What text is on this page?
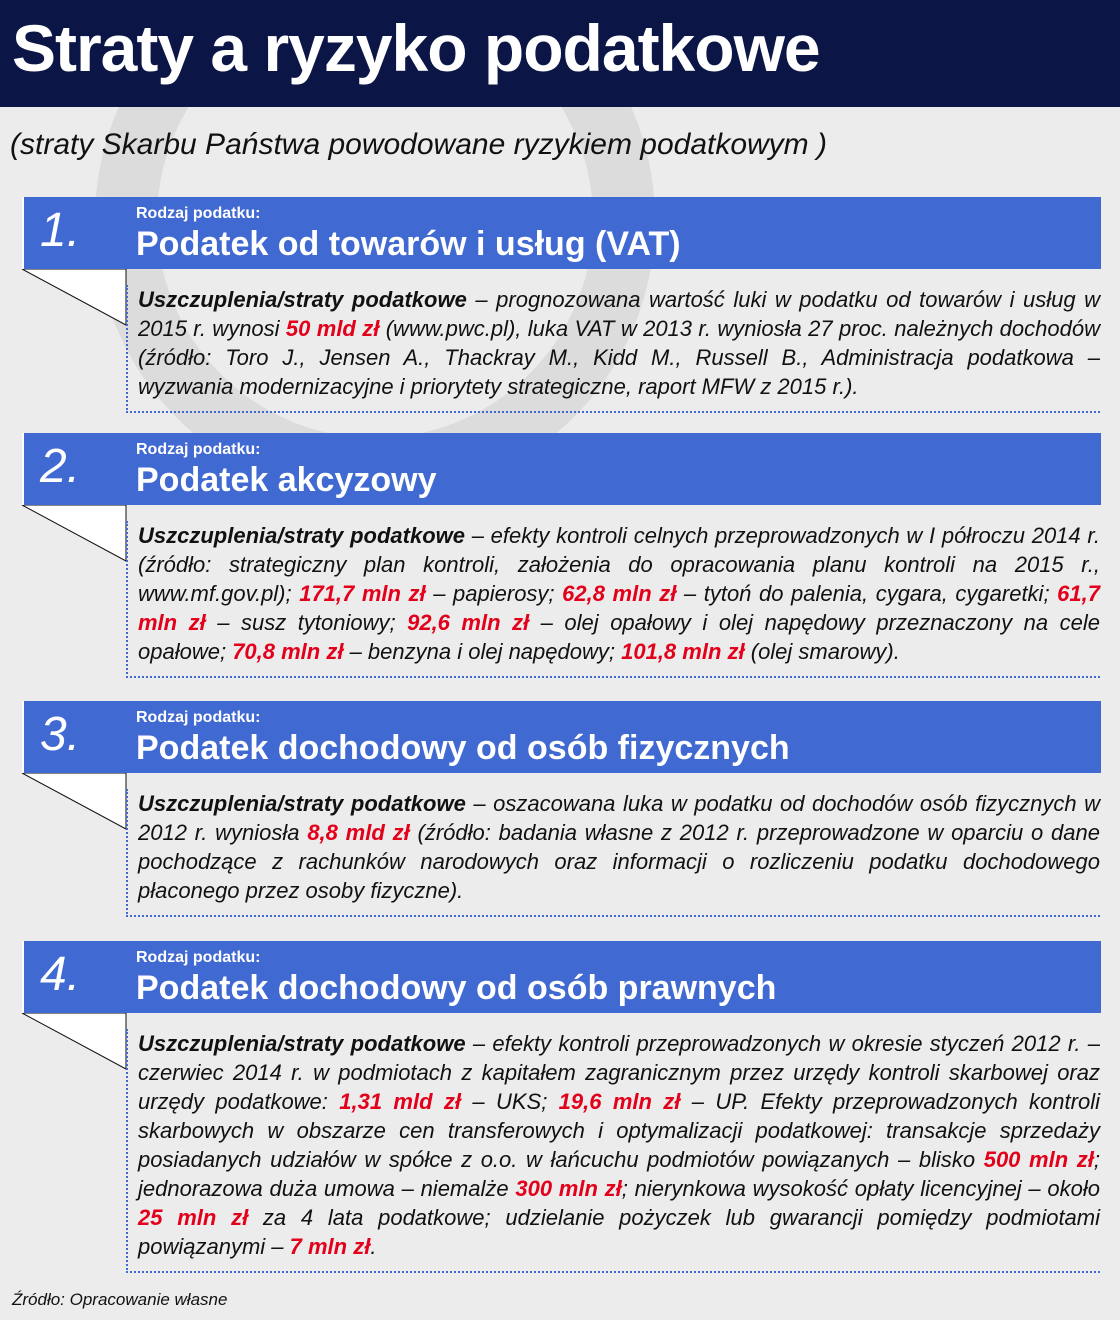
Straty a ryzyko podatkowe
(straty Skarbu Państwa powodowane ryzykiem podatkowym )
1.	Rodzaj podatku:
Podatek od towarów i usług (VAT)
Uszczuplenia/straty podatkowe – prognozowana wartość luki w podatku od towarów i usług w 2015 r. wynosi 50 mld zł (www.pwc.pl), luka VAT w 2013 r. wyniosła 27 proc. należnych dochodów (źródło: Toro J., Jensen A., Thackray M., Kidd M., Russell B., Administracja podatkowa – wyzwania modernizacyjne i priorytety strategiczne, raport MFW z 2015 r.).
2.	Rodzaj podatku:
Podatek akcyzowy
Uszczuplenia/straty podatkowe – efekty kontroli celnych przeprowadzonych w I półroczu 2014 r. (źródło: strategiczny plan kontroli, założenia do opracowania planu kontroli na 2015 r., www.mf.gov.pl); 171,7 mln zł – papierosy; 62,8 mln zł – tytoń do palenia, cygara, cygaretki; 61,7 mln zł – susz tytoniowy; 92,6 mln zł – olej opałowy i olej napędowy przeznaczony na cele opałowe; 70,8 mln zł – benzyna i olej napędowy; 101,8 mln zł (olej smarowy).
3.	Rodzaj podatku:
Podatek dochodowy od osób fizycznych
Uszczuplenia/straty podatkowe – oszacowana luka w podatku od dochodów osób fizycznych w 2012 r. wyniosła 8,8 mld zł (źródło: badania własne z 2012 r. przeprowadzone w oparciu o dane pochodzące z rachunków narodowych oraz informacji o rozliczeniu podatku dochodowego płaconego przez osoby fizyczne).
4.	Rodzaj podatku:
Podatek dochodowy od osób prawnych
Uszczuplenia/straty podatkowe – efekty kontroli przeprowadzonych w okresie styczeń 2012 r. – czerwiec 2014 r. w podmiotach z kapitałem zagranicznym przez urzędy kontroli skarbowej oraz urzędy podatkowe: 1,31 mld zł – UKS; 19,6 mln zł – UP. Efekty przeprowadzonych kontroli skarbowych w obszarze cen transferowych i optymalizacji podatkowej: transakcje sprzedaży posiadanych udziałów w spółce z o.o. w łańcuchu podmiotów powiązanych – blisko 500 mln zł; jednorazowa duża umowa – niemalże 300 mln zł; nierynkowa wysokość opłaty licencyjnej – około 25 mln zł za 4 lata podatkowe; udzielanie pożyczek lub gwarancji pomiędzy podmiotami powiązanymi – 7 mln zł.
Źródło: Opracowanie własne
